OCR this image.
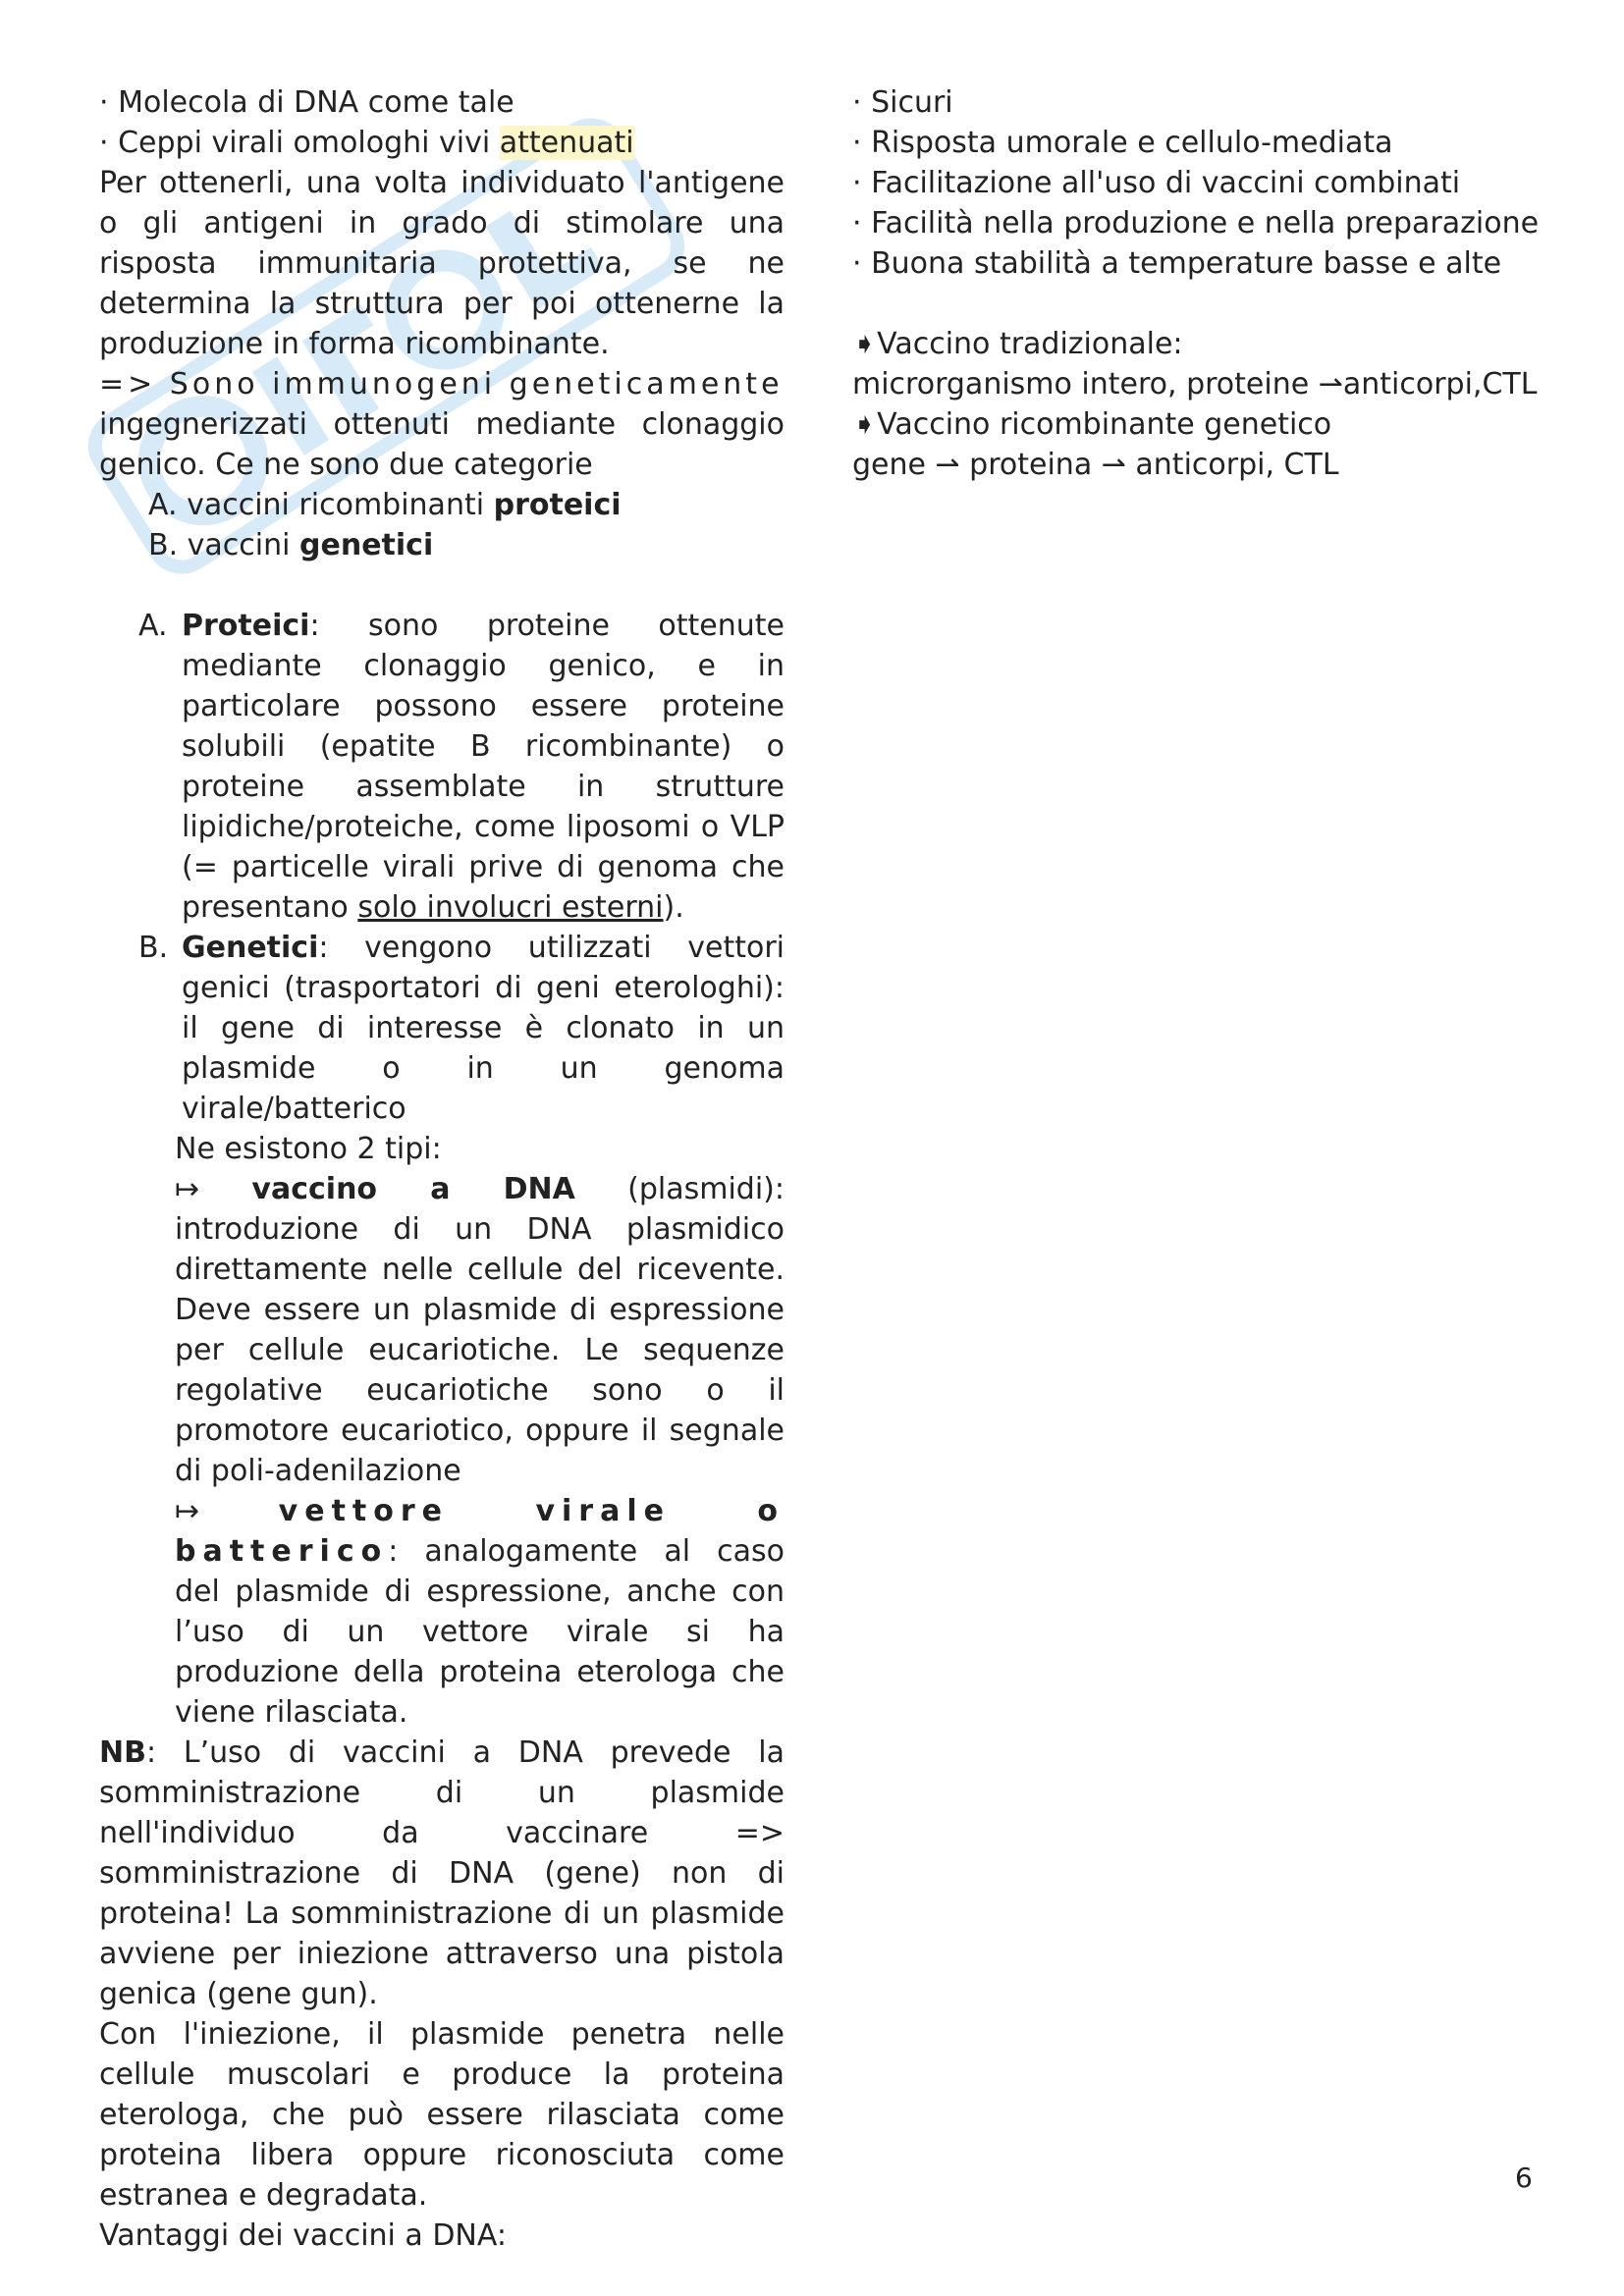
· Molecola di DNA come tale

· Ceppi virali omologhi vivi attenuati

Per ottenerli, una volta individuato l'antigene o gli antigeni in grado di stimolare una risposta immunitaria protettiva, se ne determina la struttura per poi ottenerne la produzione in forma ricombinante.

=> Sono immunogeni geneticamente

ingegnerizzati ottenuti mediante clonaggio genico. Ce ne sono due categorie

A. vaccini ricombinanti proteici

B. vaccini genetici

A. Proteici: sono proteine ottenute mediante clonaggio genico, e in particolare possono essere proteine solubili (epatite B ricombinante) o proteine assemblate in strutture lipidiche/proteiche, come liposomi o VLP (= particelle virali prive di genoma che presentano solo involucri esterni).

B. Genetici: vengono utilizzati vettori genici (trasportatori di geni eterologhi): il gene di interesse è clonato in un plasmide o in un genoma virale/batterico

Ne esistono 2 tipi:

↦ vaccino a DNA (plasmidi): introduzione di un DNA plasmidico direttamente nelle cellule del ricevente. Deve essere un plasmide di espressione per cellule eucariotiche. Le sequenze regolative eucariotiche sono o il promotore eucariotico, oppure il segnale di poli-adenilazione

↦ vettore virale o batterico: analogamente al caso del plasmide di espressione, anche con l’uso di un vettore virale si ha produzione della proteina eterologa che viene rilasciata.

NB: L’uso di vaccini a DNA prevede la somministrazione di un plasmide nell'individuo da vaccinare => somministrazione di DNA (gene) non di proteina! La somministrazione di un plasmide avviene per iniezione attraverso una pistola genica (gene gun).

Con l'iniezione, il plasmide penetra nelle cellule muscolari e produce la proteina eterologa, che può essere rilasciata come proteina libera oppure riconosciuta come estranea e degradata.

Vantaggi dei vaccini a DNA:

· Sicuri

· Risposta umorale e cellulo-mediata

· Facilitazione all'uso di vaccini combinati

· Facilità nella produzione e nella preparazione

· Buona stabilità a temperature basse e alte

➧Vaccino tradizionale:

microrganismo intero, proteine ⇀anticorpi,CTL

➧Vaccino ricombinante genetico

gene ⇀ proteina ⇀ anticorpi, CTL

6
